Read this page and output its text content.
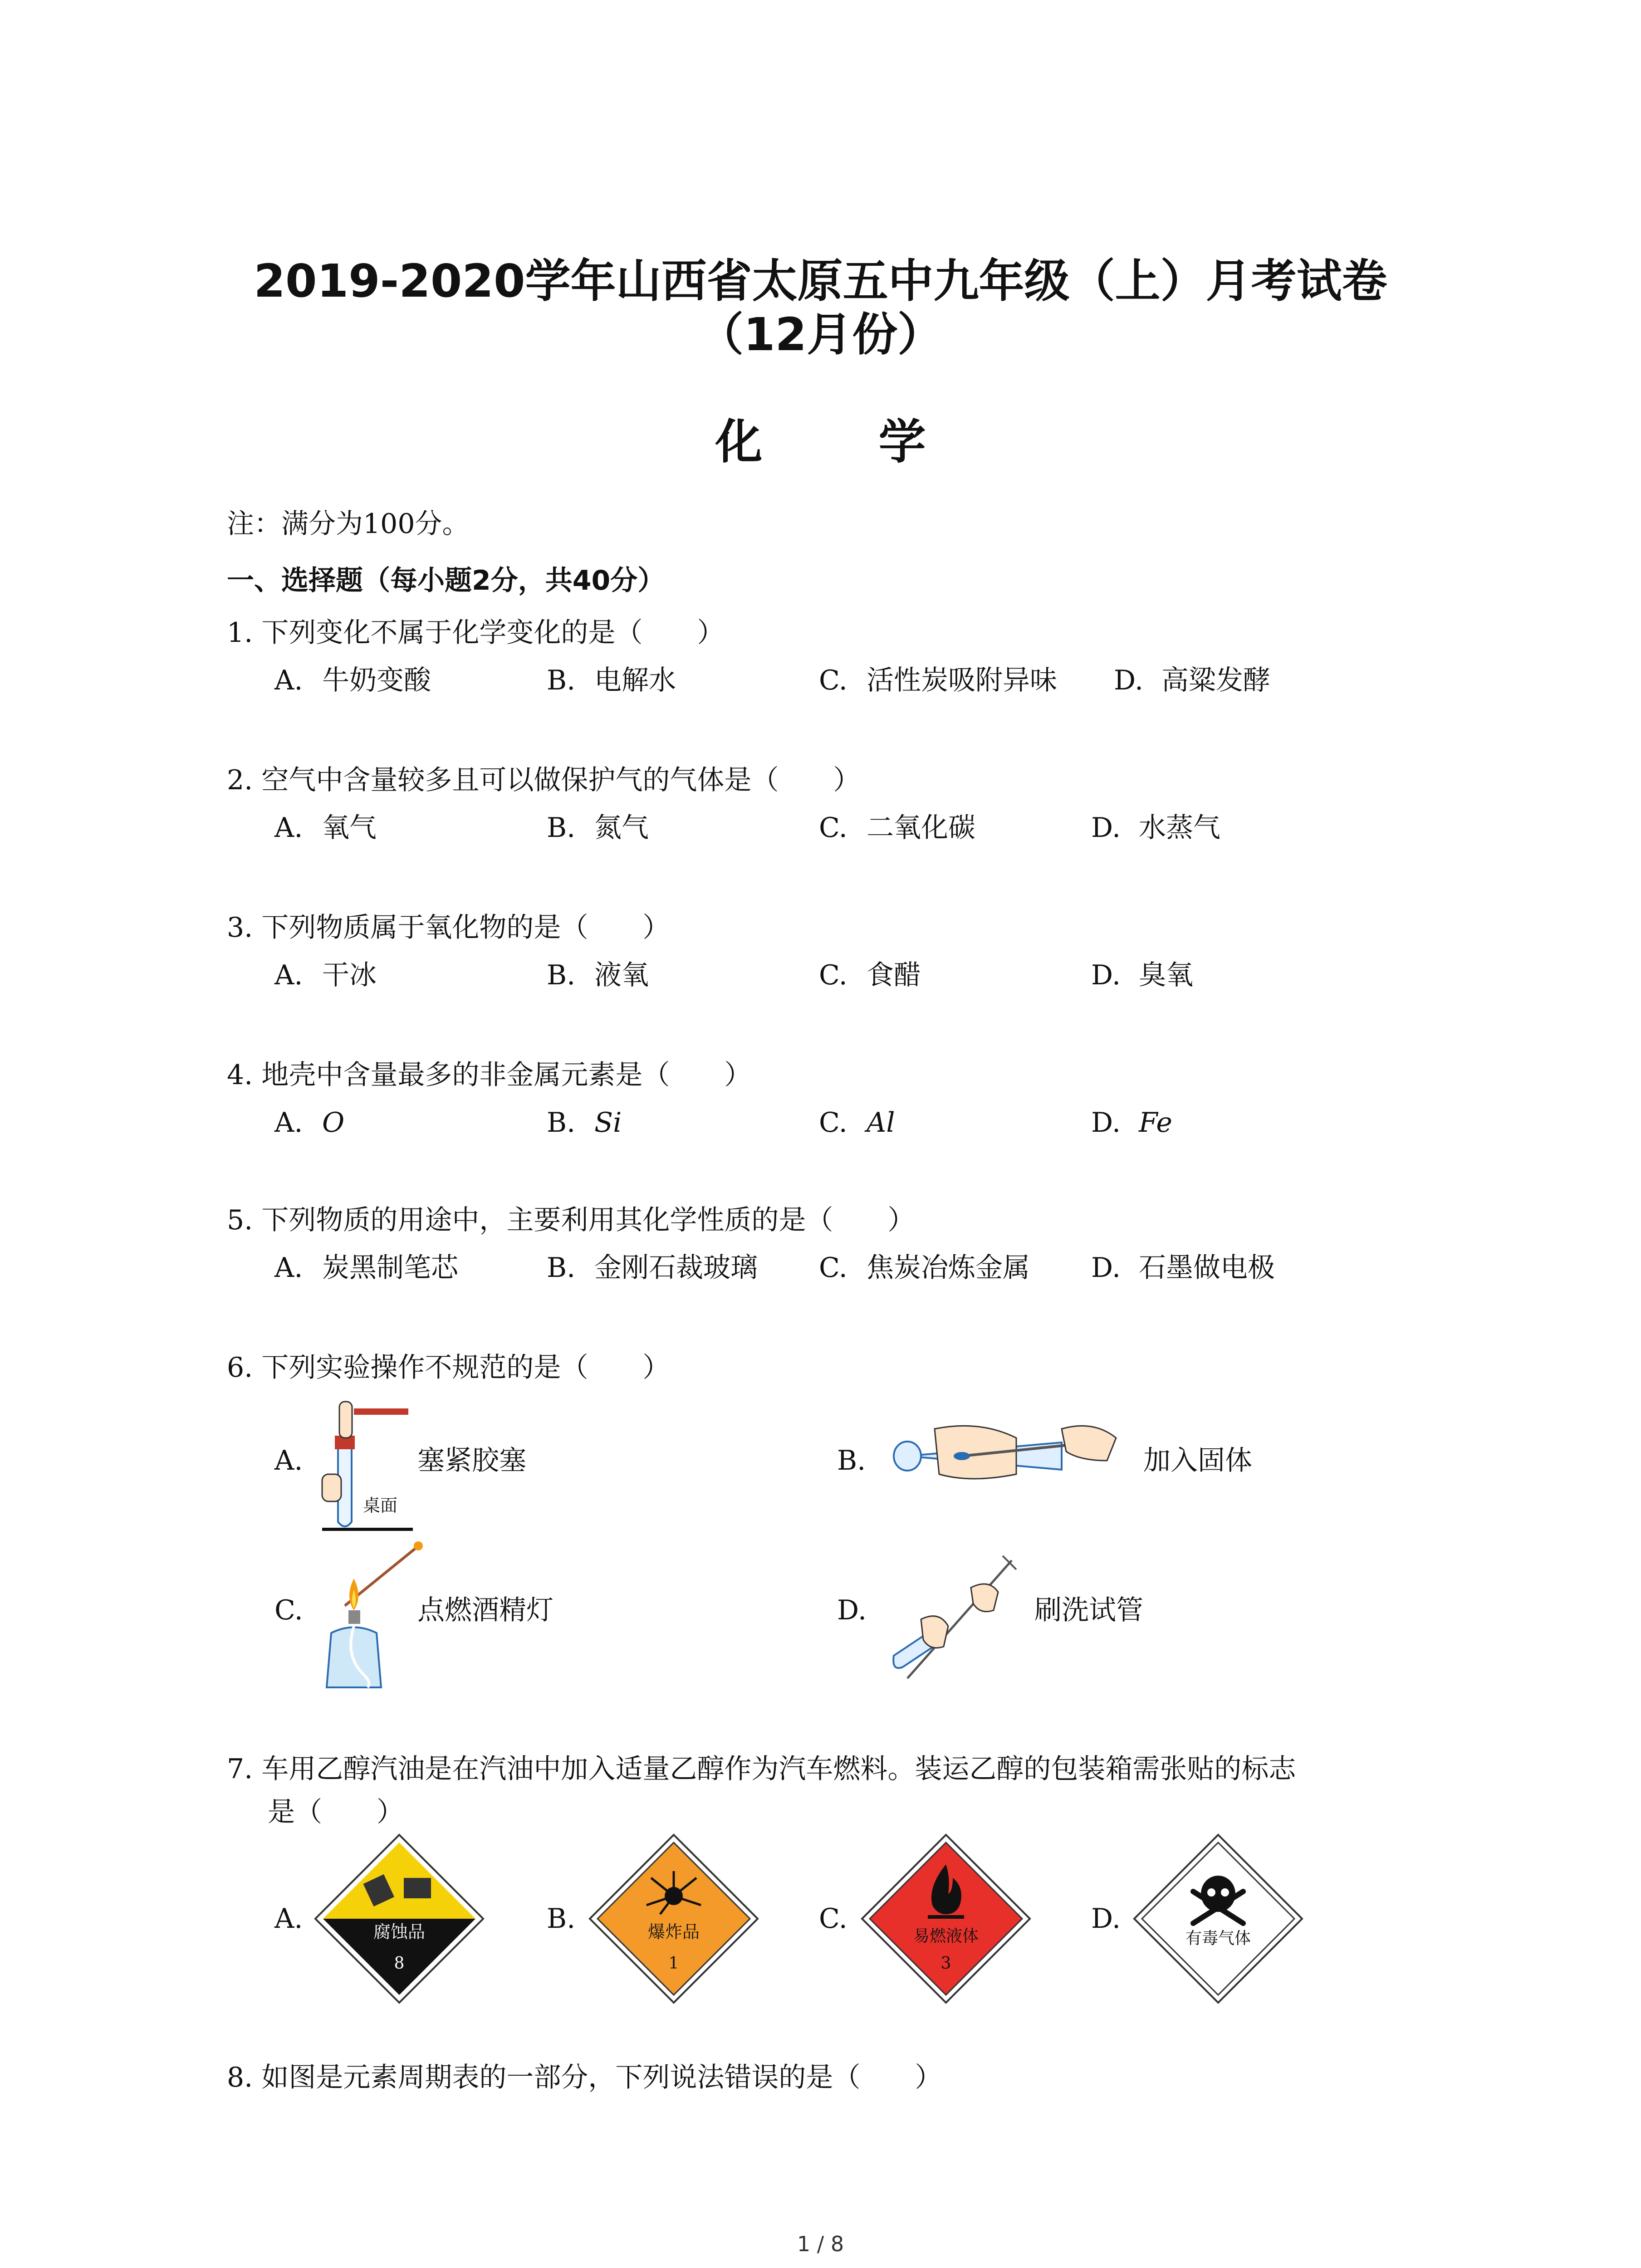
2019-2020学年山西省太原五中九年级（上）月考试卷
（12月份）
化 学
注：满分为100分。
一、选择题（每小题2分，共40分）
1. 下列变化不属于化学变化的是（　　）
A. 牛奶变酸	B. 电解水	C. 活性炭吸附异味 D. 高粱发酵
2. 空气中含量较多且可以做保护气的气体是（　　）
A. 氧气	B. 氮气	C. 二氧化碳	D. 水蒸气
3. 下列物质属于氧化物的是（　　）
A. 干冰	B. 液氧	C. 食醋	D. 臭氧
4. 地壳中含量最多的非金属元素是（　　）
A. O	B. Si	C. Al	D. Fe
5. 下列物质的用途中，主要利用其化学性质的是（　　）
A. 炭黑制笔芯	B. 金刚石裁玻璃 C. 焦炭冶炼金属 D. 石墨做电极
6. 下列实验操作不规范的是（　　）
A.
桌面
塞紧胶塞	B.	加入固体
C.	点燃酒精灯	D.	刷洗试管
7. 车用乙醇汽油是在汽油中加入适量乙醇作为汽车燃料。装运乙醇的包装箱需张贴的标志
是（　　）
A.	腐蚀品
8
B.	爆炸品
1
C.
易燃液体
3
D.
有毒气体
8. 如图是元素周期表的一部分，下列说法错误的是（　　）
1 / 8
